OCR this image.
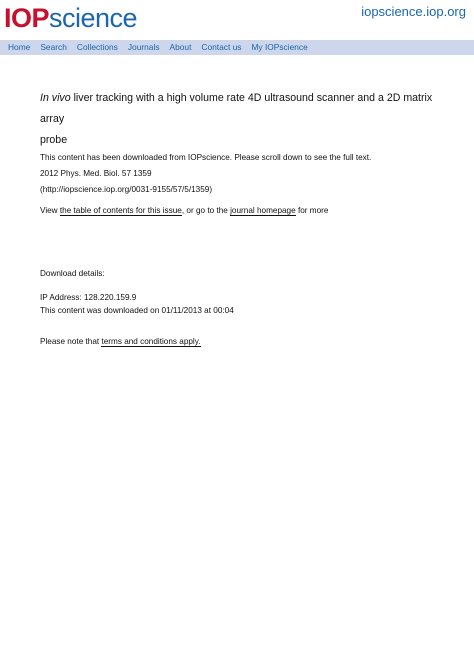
IOPscience	iopscience.iop.org
Home Search Collections Journals About Contact us My IOPscience
In vivo liver tracking with a high volume rate 4D ultrasound scanner and a 2D matrix array
probe
This content has been downloaded from IOPscience. Please scroll down to see the full text.
2012 Phys. Med. Biol. 57 1359
(http://iopscience.iop.org/0031-9155/57/5/1359)
View the table of contents for this issue, or go to the journal homepage for more
Download details:
IP Address: 128.220.159.9
This content was downloaded on 01/11/2013 at 00:04
Please note that terms and conditions apply.
